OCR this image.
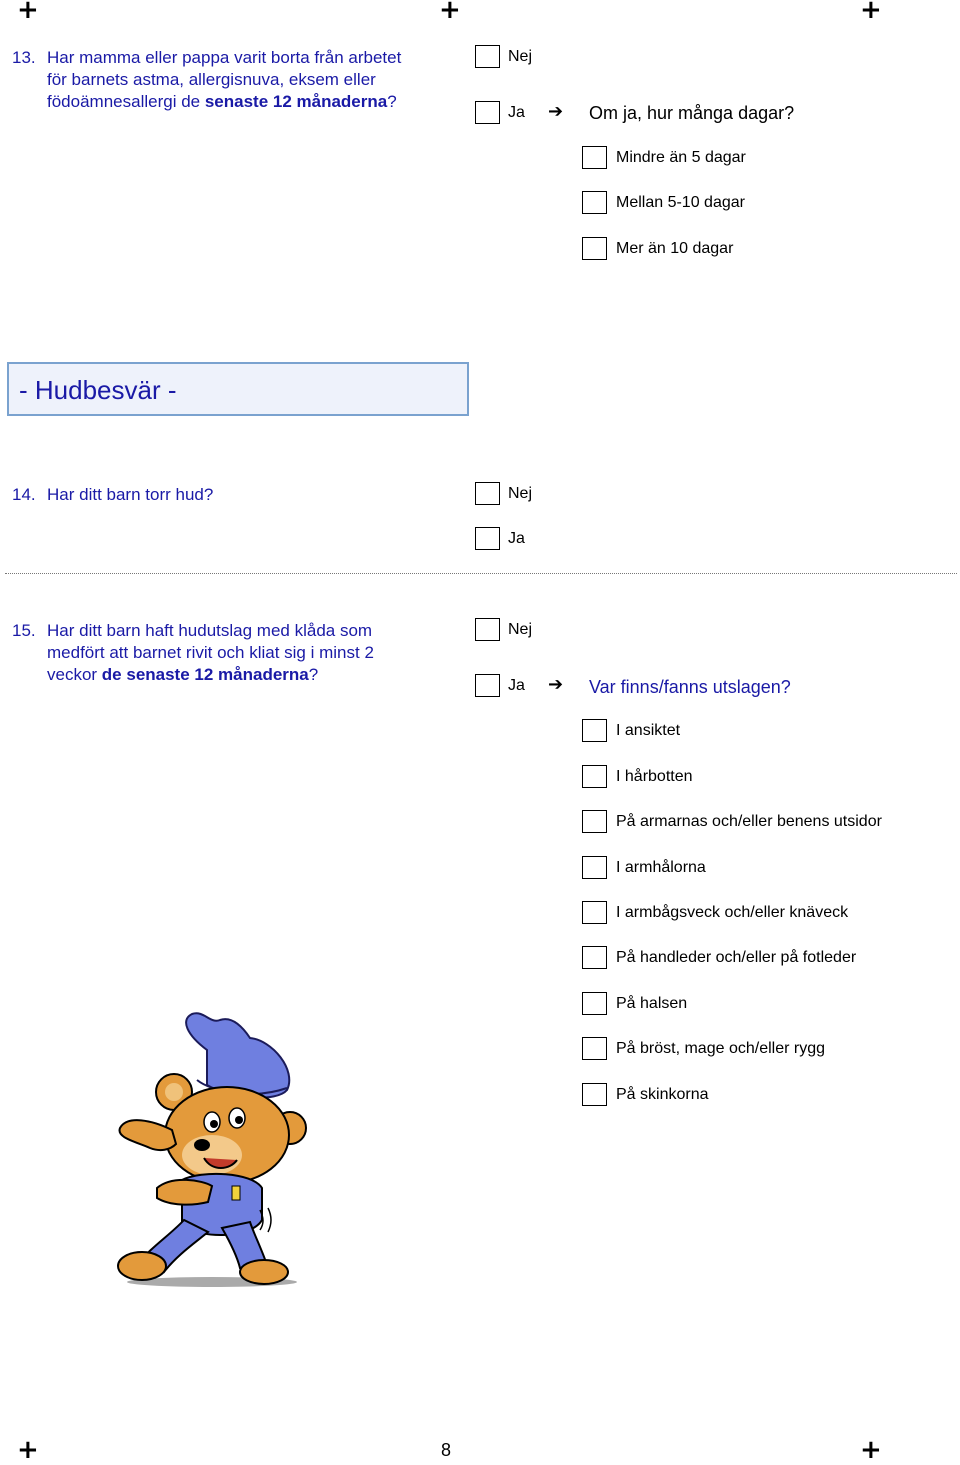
+	+	+
+	+
13. Har mamma eller pappa varit borta från arbetet
för barnets astma, allergisnuva, eksem eller
födoämnesallergi de senaste 12 månaderna?
Nej
Ja ➔ Om ja, hur många dagar?
Mindre än 5 dagar
Mellan 5-10 dagar
Mer än 10 dagar
- Hudbesvär -
14. Har ditt barn torr hud?	Nej
Ja
15. Har ditt barn haft hudutslag med klåda som
medfört att barnet rivit och kliat sig i minst 2
veckor de senaste 12 månaderna?
Nej
Ja ➔ Var finns/fanns utslagen?
I ansiktet
I hårbotten
På armarnas och/eller benens utsidor
I armhålorna
I armbågsveck och/eller knäveck
På handleder och/eller på fotleder
På halsen
På bröst, mage och/eller rygg
På skinkorna
8
